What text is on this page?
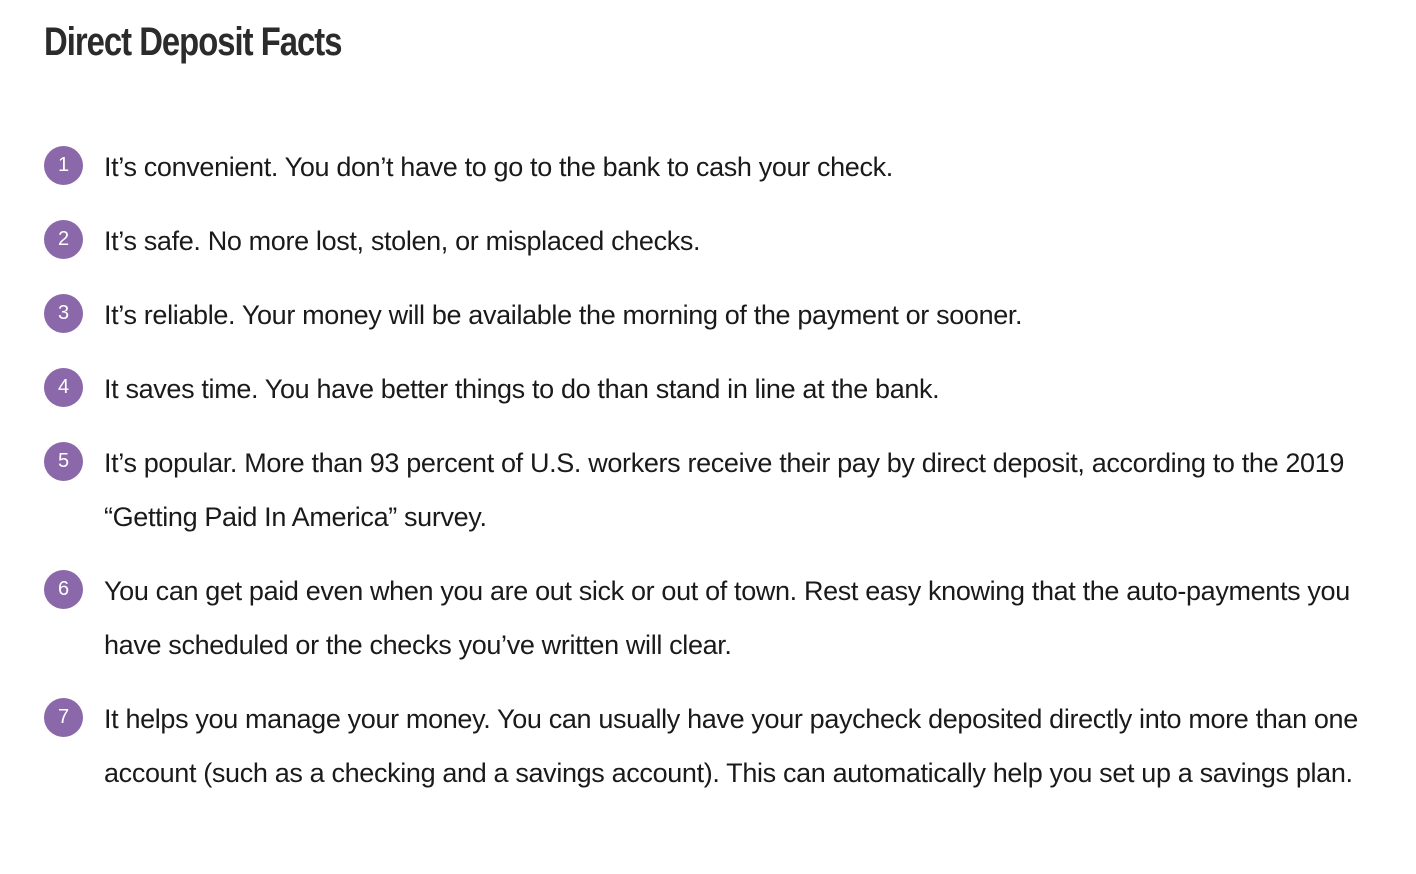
Direct Deposit Facts
1	It’s convenient. You don’t have to go to the bank to cash your check.
2	It’s safe. No more lost, stolen, or misplaced checks.
3	It’s reliable. Your money will be available the morning of the payment or sooner.
4	It saves time. You have better things to do than stand in line at the bank.
5	It’s popular. More than 93 percent of U.S. workers receive their pay by direct deposit, according to the 2019 “Getting Paid In America” survey.
6	You can get paid even when you are out sick or out of town. Rest easy knowing that the auto-payments you have scheduled or the checks you’ve written will clear.
7	It helps you manage your money. You can usually have your paycheck deposited directly into more than one account (such as a checking and a savings account). This can automatically help you set up a savings plan.
